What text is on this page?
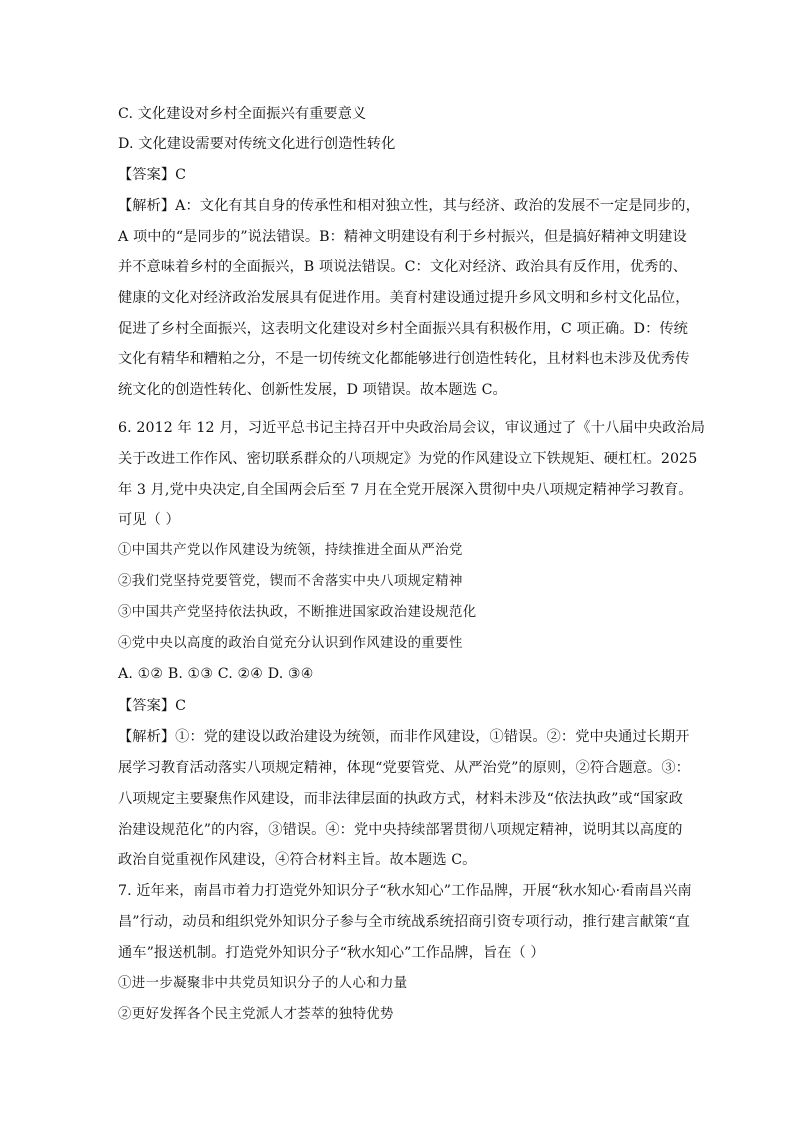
C. 文化建设对乡村全面振兴有重要意义
D. 文化建设需要对传统文化进行创造性转化
【答案】C
【解析】A：文化有其自身的传承性和相对独立性，其与经济、政治的发展不一定是同步的，
A 项中的“是同步的”说法错误。B：精神文明建设有利于乡村振兴，但是搞好精神文明建设
并不意味着乡村的全面振兴，B 项说法错误。C：文化对经济、政治具有反作用，优秀的、
健康的文化对经济政治发展具有促进作用。美育村建设通过提升乡风文明和乡村文化品位，
促进了乡村全面振兴，这表明文化建设对乡村全面振兴具有积极作用，C 项正确。D：传统
文化有精华和糟粕之分，不是一切传统文化都能够进行创造性转化，且材料也未涉及优秀传
统文化的创造性转化、创新性发展，D 项错误。故本题选 C。
6. 2012 年 12 月，习近平总书记主持召开中央政治局会议，审议通过了《十八届中央政治局
关于改进工作作风、密切联系群众的八项规定》为党的作风建设立下铁规矩、硬杠杠。2025
年 3 月,党中央决定,自全国两会后至 7 月在全党开展深入贯彻中央八项规定精神学习教育。
可见（ ）
①中国共产党以作风建设为统领，持续推进全面从严治党
②我们党坚持党要管党，锲而不舍落实中央八项规定精神
③中国共产党坚持依法执政，不断推进国家政治建设规范化
④党中央以高度的政治自觉充分认识到作风建设的重要性
A. ①② B. ①③ C. ②④ D. ③④
【答案】C
【解析】①：党的建设以政治建设为统领，而非作风建设，①错误。②：党中央通过长期开
展学习教育活动落实八项规定精神，体现“党要管党、从严治党”的原则，②符合题意。③：
八项规定主要聚焦作风建设，而非法律层面的执政方式，材料未涉及“依法执政”或“国家政
治建设规范化”的内容，③错误。④：党中央持续部署贯彻八项规定精神，说明其以高度的
政治自觉重视作风建设，④符合材料主旨。故本题选 C。
7. 近年来，南昌市着力打造党外知识分子“秋水知心”工作品牌，开展“秋水知心·看南昌兴南
昌”行动，动员和组织党外知识分子参与全市统战系统招商引资专项行动，推行建言献策“直
通车”报送机制。打造党外知识分子“秋水知心”工作品牌，旨在（ ）
①进一步凝聚非中共党员知识分子的人心和力量
②更好发挥各个民主党派人才荟萃的独特优势
